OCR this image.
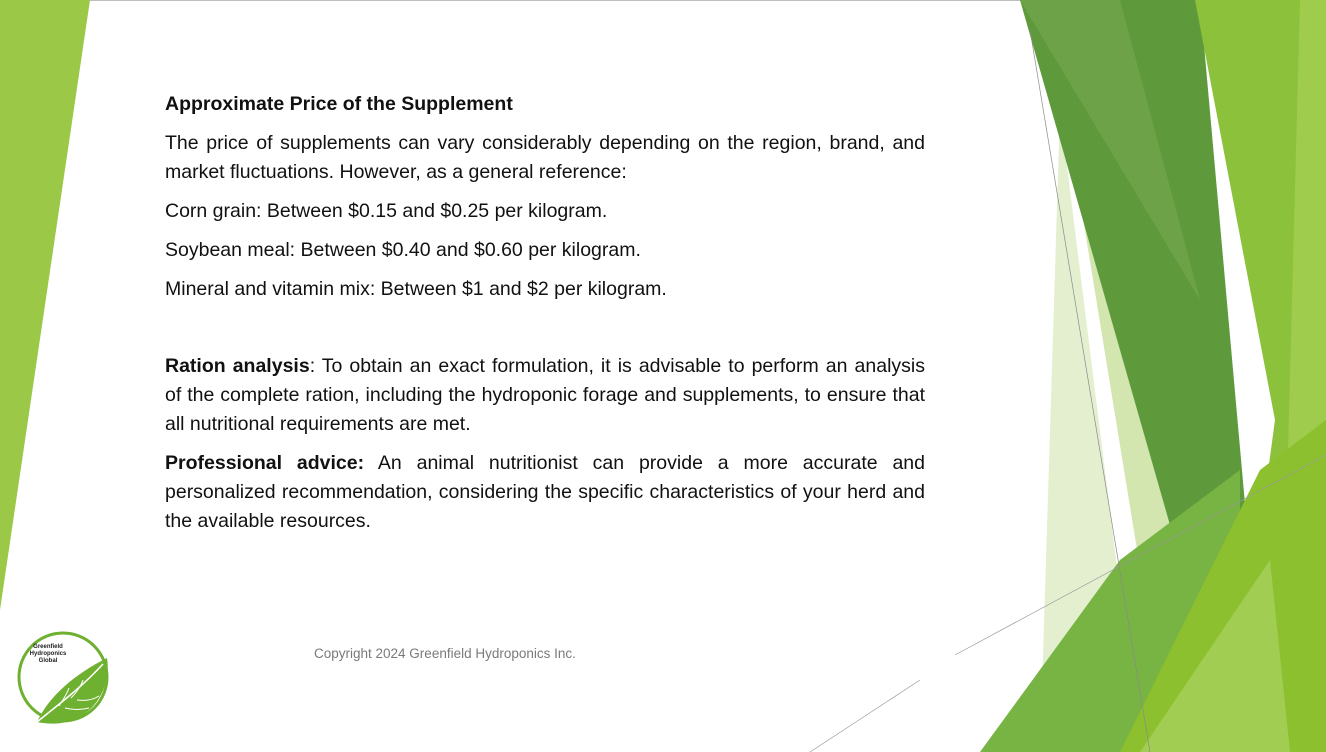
Approximate Price of the Supplement

The price of supplements can vary considerably depending on the region, brand, and market fluctuations. However, as a general reference:

Corn grain: Between $0.15 and $0.25 per kilogram.

Soybean meal: Between $0.40 and $0.60 per kilogram.

Mineral and vitamin mix: Between $1 and $2 per kilogram.

Ration analysis: To obtain an exact formulation, it is advisable to perform an analysis of the complete ration, including the hydroponic forage and supplements, to ensure that all nutritional requirements are met.

Professional advice: An animal nutritionist can provide a more accurate and personalized recommendation, considering the specific characteristics of your herd and the available resources.

Copyright 2024 Greenfield Hydroponics Inc.
Greenfield
Hydroponics
Global
